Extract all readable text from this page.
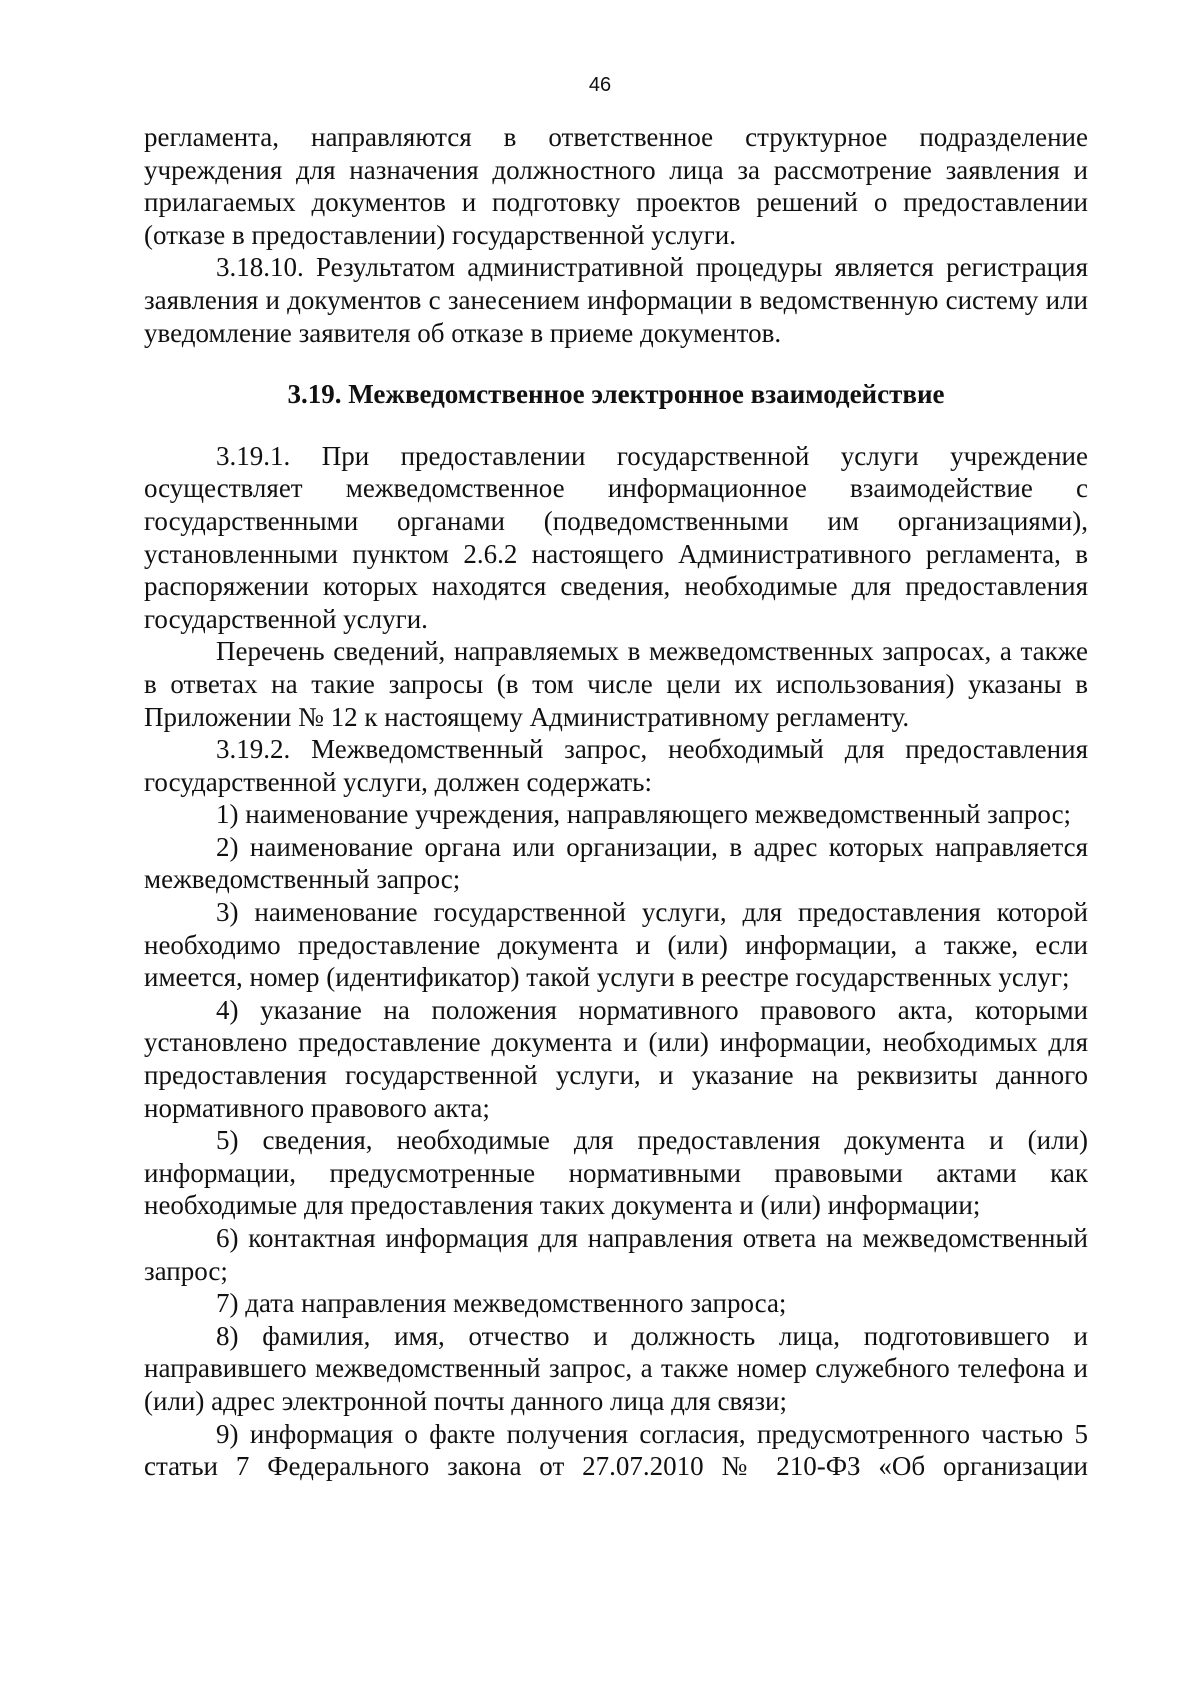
46

регламента, направляются в ответственное структурное подразделение учреждения для назначения должностного лица за рассмотрение заявления и прилагаемых документов и подготовку проектов решений о предоставлении (отказе в предоставлении) государственной услуги.

3.18.10. Результатом административной процедуры является регистрация заявления и документов с занесением информации в ведомственную систему или уведомление заявителя об отказе в приеме документов.

3.19. Межведомственное электронное взаимодействие

3.19.1. При предоставлении государственной услуги учреждение осуществляет межведомственное информационное взаимодействие с государственными органами (подведомственными им организациями), установленными пунктом 2.6.2 настоящего Административного регламента, в распоряжении которых находятся сведения, необходимые для предоставления государственной услуги.

Перечень сведений, направляемых в межведомственных запросах, а также в ответах на такие запросы (в том числе цели их использования) указаны в Приложении № 12 к настоящему Административному регламенту.

3.19.2. Межведомственный запрос, необходимый для предоставления государственной услуги, должен содержать:

1) наименование учреждения, направляющего межведомственный запрос;

2) наименование органа или организации, в адрес которых направляется межведомственный запрос;

3) наименование государственной услуги, для предоставления которой необходимо предоставление документа и (или) информации, а также, если имеется, номер (идентификатор) такой услуги в реестре государственных услуг;

4) указание на положения нормативного правового акта, которыми установлено предоставление документа и (или) информации, необходимых для предоставления государственной услуги, и указание на реквизиты данного нормативного правового акта;

5) сведения, необходимые для предоставления документа и (или) информации, предусмотренные нормативными правовыми актами как необходимые для предоставления таких документа и (или) информации;

6) контактная информация для направления ответа на межведомственный запрос;

7) дата направления межведомственного запроса;

8) фамилия, имя, отчество и должность лица, подготовившего и направившего межведомственный запрос, а также номер служебного телефона и (или) адрес электронной почты данного лица для связи;

9) информация о факте получения согласия, предусмотренного частью 5 статьи 7 Федерального закона от 27.07.2010 № 210-ФЗ «Об организации
